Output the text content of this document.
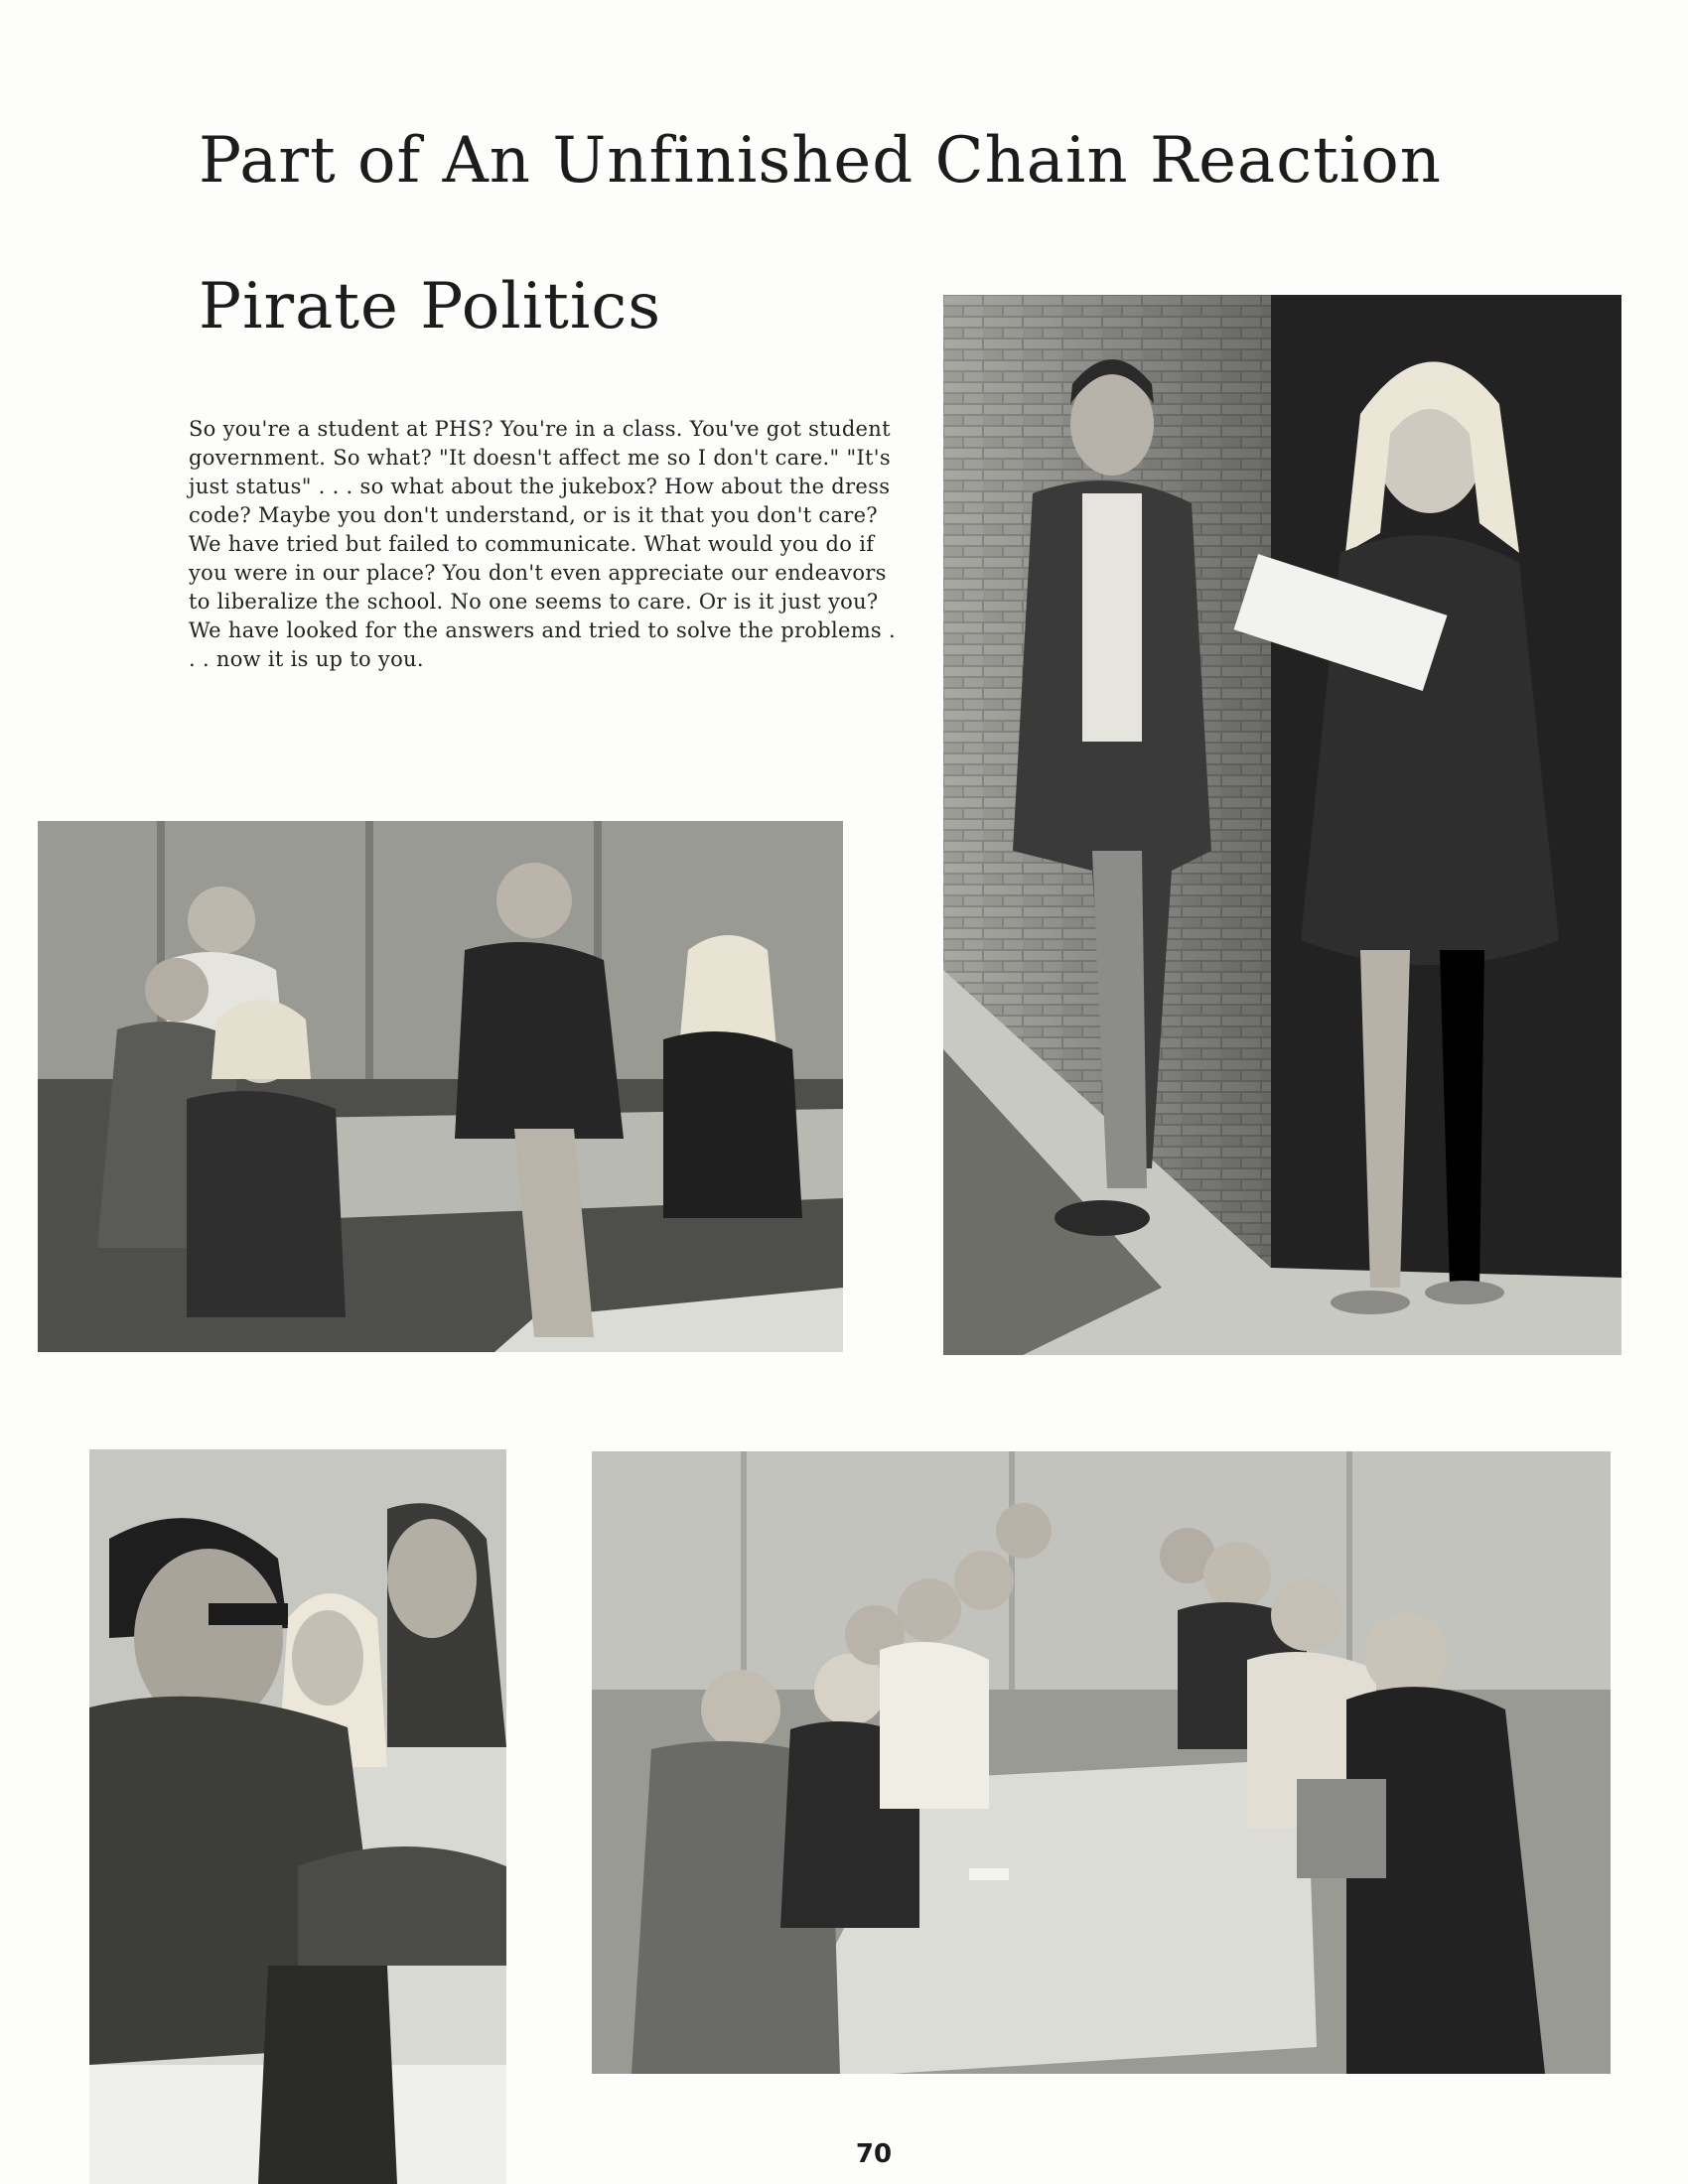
Part of An Unfinished Chain Reaction
Pirate Politics

So you're a student at PHS? You're in a class. You've got student government. So what? "It doesn't affect me so I don't care." "It's just status" . . . so what about the jukebox? How about the dress code? Maybe you don't understand, or is it that you don't care? We have tried but failed to communicate. What would you do if you were in our place? You don't even appreciate our endeavors to liberalize the school. No one seems to care. Or is it just you? We have looked for the answers and tried to solve the problems . . . now it is up to you.

70
